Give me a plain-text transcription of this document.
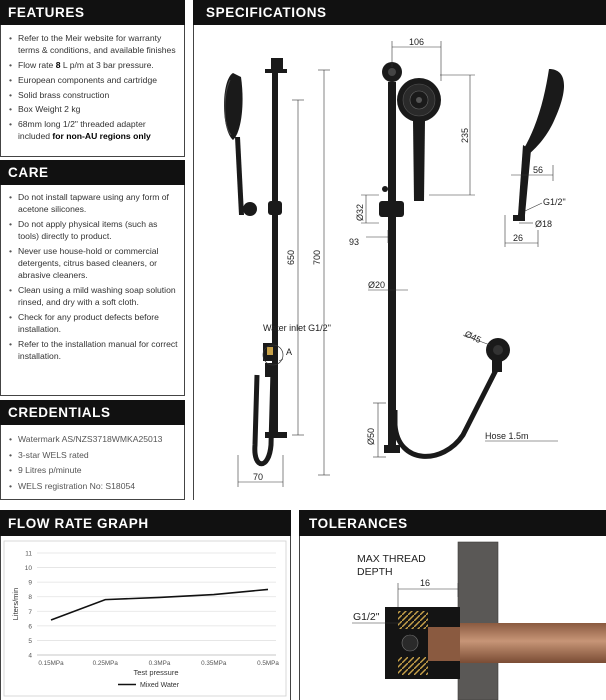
FEATURES
• Refer to the Meir website for warranty terms & conditions, and available finishes
• Flow rate 8 L p/m at 3 bar pressure.
• European components and cartridge
• Solid brass construction
• Box Weight 2 kg
• 68mm long 1/2" threaded adapter included for non-AU regions only
CARE
• Do not install tapware using any form of acetone silicones.
• Do not apply physical items (such as tools) directly to product.
• Never use house-hold or commercial detergents, citrus based cleaners, or abrasive cleaners.
• Clean using a mild washing soap solution rinsed, and dry with a soft cloth.
• Check for any product defects before installation.
• Refer to the installation manual for correct installation.
CREDENTIALS
• Watermark AS/NZS3718WMKA25013
• 3-star WELS rated
• 9 Litres p/minute
• WELS registration No: S18054
SPECIFICATIONS
A
Water inlet G1/2"
650 700
70
106
235
Ø32
93
Ø20
Ø45
Ø50	Hose 1.5m
56
G1/2"
Ø18
26
FLOW RATE GRAPH
4
5
6
7
8
9
10
11
0.15MPa	0.25MPa	0.3MPa	0.35MPa	0.5MPa
Test pressure
Liters/min
Mixed Water
TOLERANCES
MAX THREAD
DEPTH
16
G1/2"
